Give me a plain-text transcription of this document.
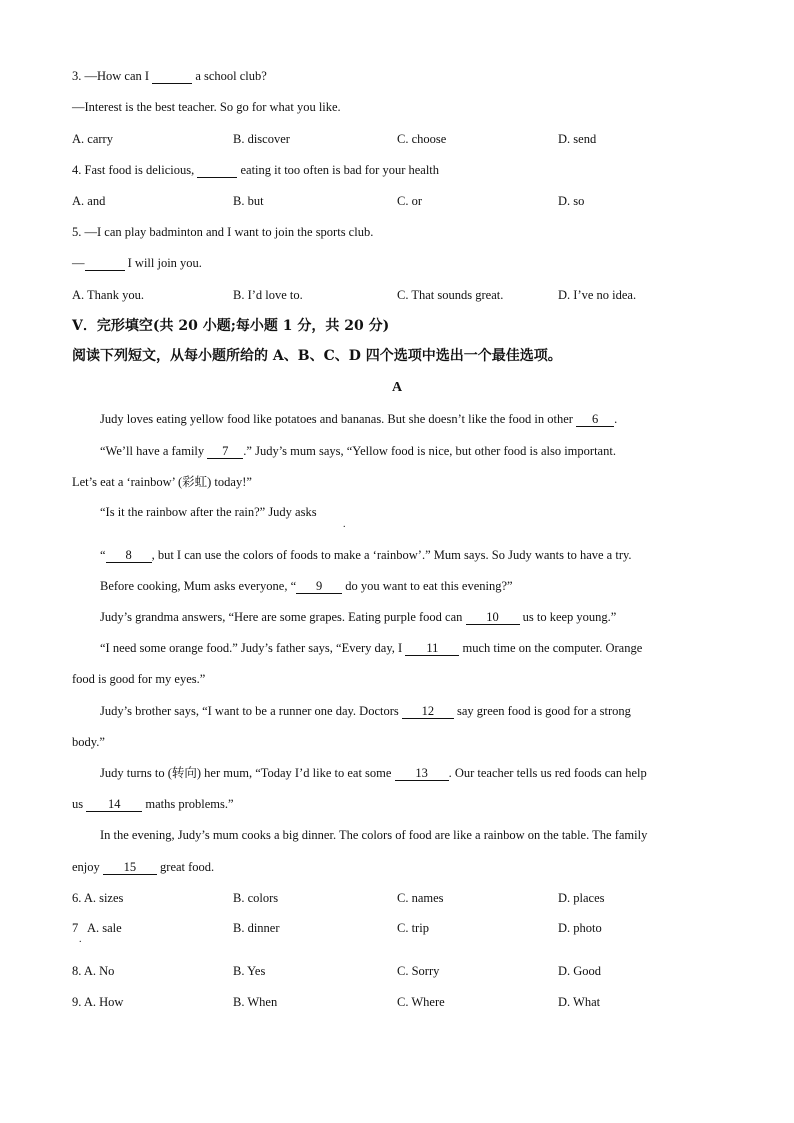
3. —How can I	a school club?
—Interest is the best teacher. So go for what you like.
A. carry	B. discover	C. choose	D. send
4. Fast food is delicious,	eating it too often is bad for your health
A. and	B. but	C. or	D. so
5. —I can play badminton and I want to join the sports club.
—	I will join you.
A. Thank you.	B. I’d love to.	C. That sounds great.	D. I’ve no idea.
V．完形填空(共 20 小题;每小题 1 分，共 20 分)
阅读下列短文，从每小题所给的 A、B、C、D 四个选项中选出一个最佳选项。
A
Judy loves eating yellow food like potatoes and bananas. But she doesn’t like the food in other 6 .
“We’ll have a family 7 .” Judy’s mum says, “Yellow food is nice, but other food is also important.
Let’s eat a ‘rainbow’ (彩虹) today!”
“Is it the rainbow after the rain?” Judy asks
.
“ 8 , but I can use the colors of foods to make a ‘rainbow’.” Mum says. So Judy wants to have a try.
Before cooking, Mum asks everyone, “ 9 do you want to eat this evening?”
Judy’s grandma answers, “Here are some grapes. Eating purple food can 10 us to keep young.”
“I need some orange food.” Judy’s father says, “Every day, I 11 much time on the computer. Orange
food is good for my eyes.”
Judy’s brother says, “I want to be a runner one day. Doctors 12 say green food is good for a strong
body.”
Judy turns to (转向) her mum, “Today I’d like to eat some 13 . Our teacher tells us red foods can help
us 14 maths problems.”
In the evening, Judy’s mum cooks a big dinner. The colors of food are like a rainbow on the table. The family
enjoy 15 great food.
6. A. sizes	B. colors	C. names	D. places
7 A. sale
.
B. dinner	C. trip	D. photo
8. A. No	B. Yes	C. Sorry	D. Good
9. A. How	B. When	C. Where	D. What
